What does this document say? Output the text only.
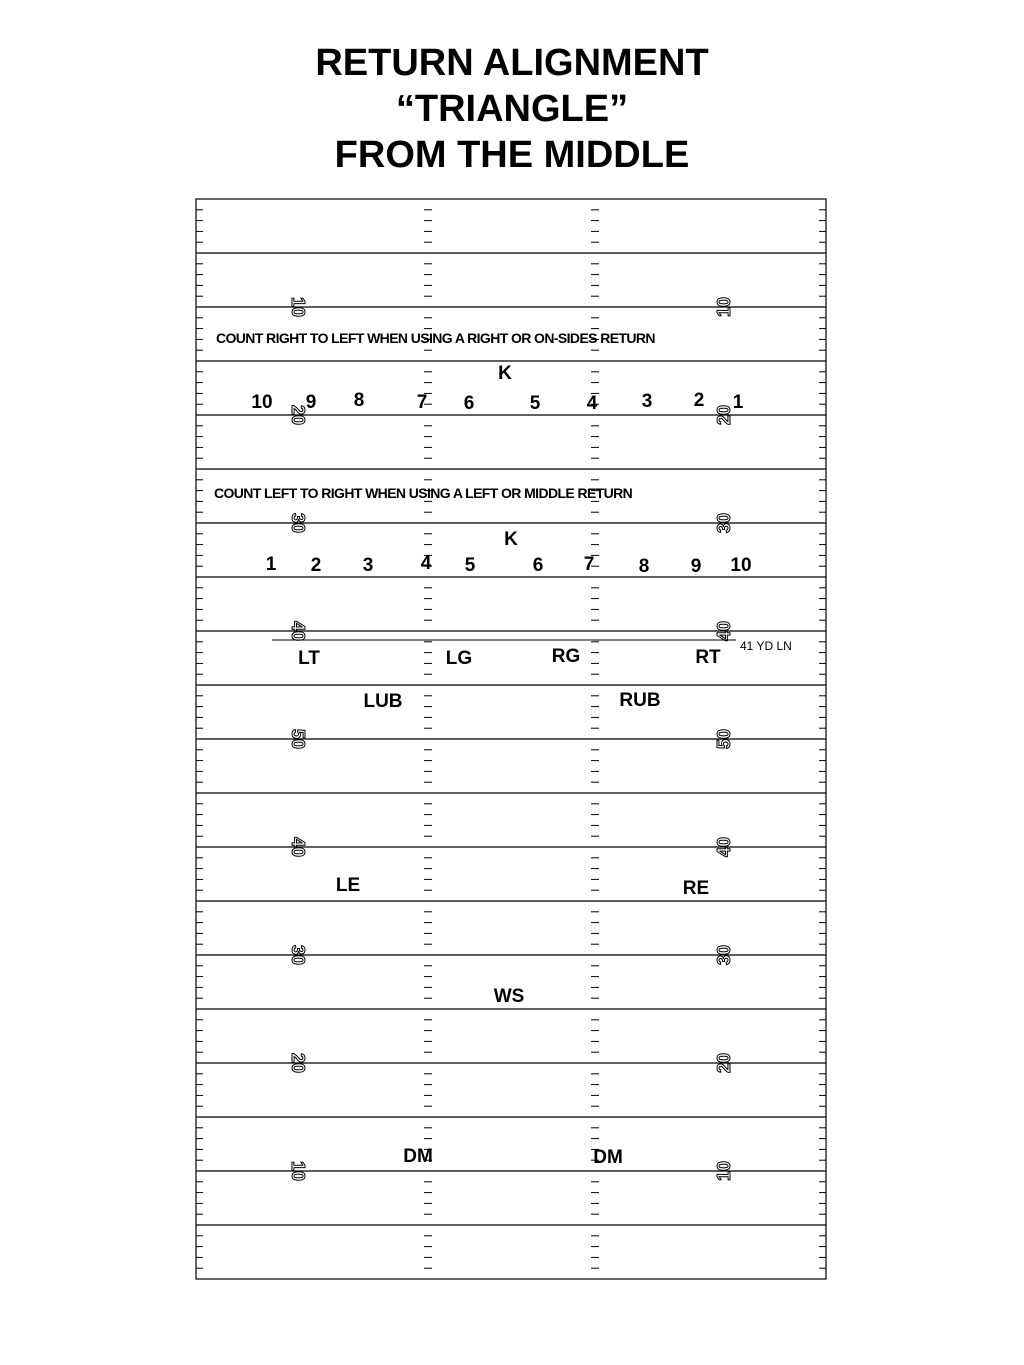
RETURN ALIGNMENT

“TRIANGLE”

FROM THE MIDDLE

10	10
20	20
30	30
40	40
50	50
40	40
30	30
20	20
10	10
COUNT RIGHT TO LEFT WHEN USING A RIGHT OR ON-SIDES RETURN
COUNT LEFT TO RIGHT WHEN USING A LEFT OR MIDDLE RETURN
K
K
10 9 8	7 6	5 4 3 2 1
1 2 3 4 5	6 7 8 9 10
41 YD LN
LT	LG	RG	RT
LUB	RUB
LE	RE
WS
DM	DM
